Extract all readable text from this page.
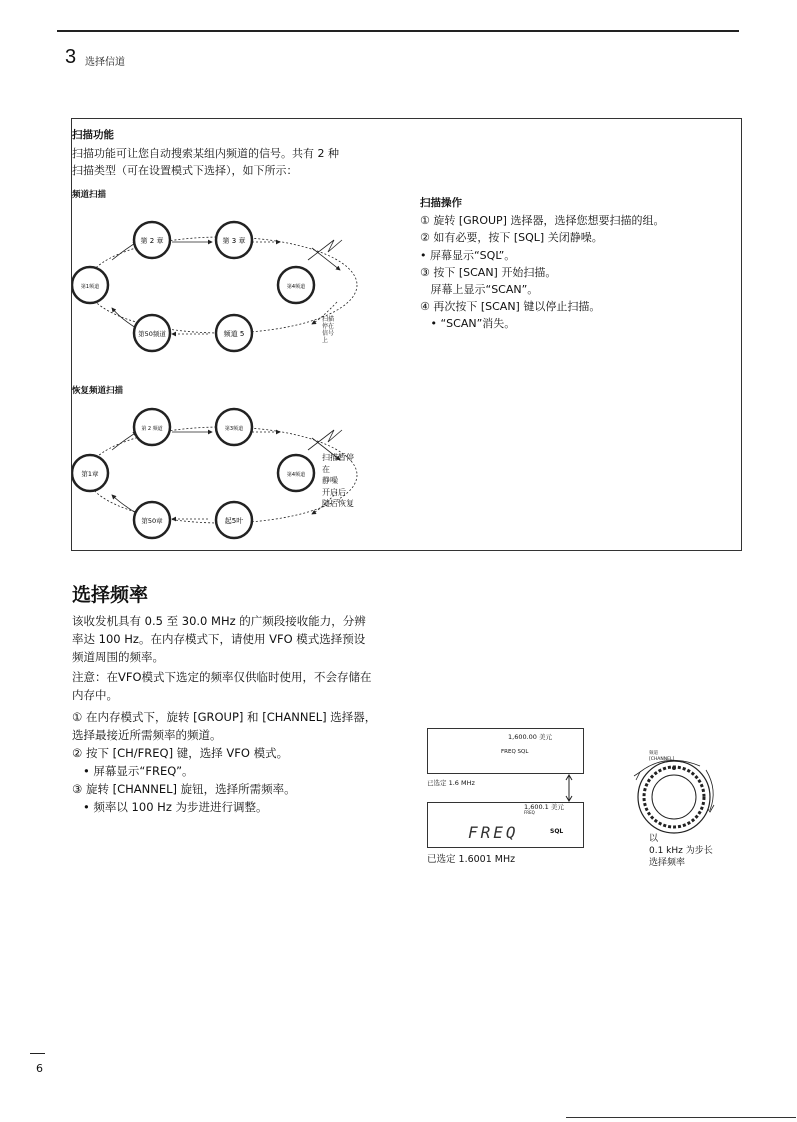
3 选择信道
扫描功能
扫描功能可让您自动搜索某组内频道的信号。共有 2 种
扫描类型（可在设置模式下选择），如下所示：
频道扫描
第 2 章	第 3 章
第1频道	第4频道
第50频道	频道 5
扫描
停在
信号
上
恢复频道扫描
第 2 频道	第3频道
第1章	第4频道
第50章	起5叶
扫描暂停
在
静噪
开启后
随后恢复
扫描操作
① 旋转 [GROUP] 选择器，选择您想要扫描的组。
② 如有必要，按下 [SQL] 关闭静噪。
• 屏幕显示“SQL”。
③ 按下 [SCAN] 开始扫描。
屏幕上显示“SCAN”。
④ 再次按下 [SCAN] 键以停止扫描。
• “SCAN”消失。
选择频率
该收发机具有 0.5 至 30.0 MHz 的广频段接收能力，分辨
率达 100 Hz。在内存模式下，请使用 VFO 模式选择预设
频道周围的频率。
注意：在VFO模式下选定的频率仅供临时使用，不会存储在
内存中。
① 在内存模式下，旋转 [GROUP] 和 [CHANNEL] 选择器，
选择最接近所需频率的频道。
② 按下 [CH/FREQ] 键，选择 VFO 模式。
• 屏幕显示“FREQ”。
③ 旋转 [CHANNEL] 旋钮，选择所需频率。
• 频率以 100 Hz 为步进进行调整。
1,600.00 美元
FREQ SQL
已选定 1.6 MHz
1,600.1 美元
FREQ
FREQ	SQL
已选定 1.6001 MHz
频道
[CHANNEL]
以
0.1 kHz 为步长
选择频率
6
